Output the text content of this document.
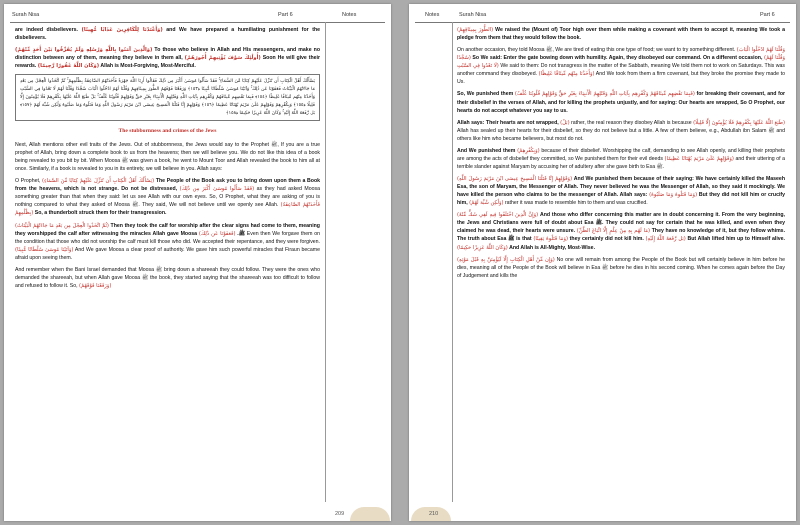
Surah Nisa	Part 6	Notes

are indeed disbelievers. (وَأَعْتَدْنَا لِلْكَافِرِينَ عَذَابًا مُّهِينًا) and We have prepared a humiliating punishment for the disbelievers.

(وَالَّذِينَ آمَنُوا بِاللَّهِ وَرُسُلِهِ وَلَمْ يُفَرِّقُوا بَيْنَ أَحَدٍ مِّنْهُمْ) To those who believe in Allah and His messengers, and make no distinction between any of them, meaning they believe in them all, (أُولَٰئِكَ سَوْفَ يُؤْتِيهِمْ أُجُورَهُمْ) Soon He will give their rewards. (وَكَانَ اللَّهُ غَفُورًا رَّحِيمًا) Allah is Most-Forgiving, Most-Merciful.

يَسْأَلُكَ أَهْلُ الْكِتَابِ أَن تُنَزِّلَ عَلَيْهِمْ كِتَابًا مِّنَ السَّمَاءِ ۚ فَقَدْ سَأَلُوا مُوسَىٰ أَكْبَرَ مِن ذَٰلِكَ فَقَالُوا أَرِنَا اللَّهَ جَهْرَةً فَأَخَذَتْهُمُ الصَّاعِقَةُ بِظُلْمِهِمْ ۚ ثُمَّ اتَّخَذُوا الْعِجْلَ مِن بَعْدِ مَا جَاءَتْهُمُ الْبَيِّنَاتُ فَعَفَوْنَا عَن ذَٰلِكَ ۚ وَآتَيْنَا مُوسَىٰ سُلْطَانًا مُّبِينًا ﴿١٥٣﴾ وَرَفَعْنَا فَوْقَهُمُ الطُّورَ بِمِيثَاقِهِمْ وَقُلْنَا لَهُمُ ادْخُلُوا الْبَابَ سُجَّدًا وَقُلْنَا لَهُمْ لَا تَعْدُوا فِي السَّبْتِ وَأَخَذْنَا مِنْهُم مِّيثَاقًا غَلِيظًا ﴿١٥٤﴾ فَبِمَا نَقْضِهِم مِّيثَاقَهُمْ وَكُفْرِهِم بِآيَاتِ اللَّهِ وَقَتْلِهِمُ الْأَنبِيَاءَ بِغَيْرِ حَقٍّ وَقَوْلِهِمْ قُلُوبُنَا غُلْفٌ ۚ بَلْ طَبَعَ اللَّهُ عَلَيْهَا بِكُفْرِهِمْ فَلَا يُؤْمِنُونَ إِلَّا قَلِيلًا ﴿١٥٥﴾ وَبِكُفْرِهِمْ وَقَوْلِهِمْ عَلَىٰ مَرْيَمَ بُهْتَانًا عَظِيمًا ﴿١٥٦﴾ وَقَوْلِهِمْ إِنَّا قَتَلْنَا الْمَسِيحَ عِيسَى ابْنَ مَرْيَمَ رَسُولَ اللَّهِ وَمَا قَتَلُوهُ وَمَا صَلَبُوهُ وَلَٰكِن شُبِّهَ لَهُمْ ﴿١٥٧﴾ بَل رَّفَعَهُ اللَّهُ إِلَيْهِ ۚ وَكَانَ اللَّهُ عَزِيزًا حَكِيمًا ﴿١٥٨﴾
The stubbornness and crimes of the Jews

Next, Allah mentions other evil traits of the Jews. Out of stubbornness, the Jews would say to the Prophet ﷺ, If you are a true prophet of Allah, bring down a complete book to us from the heavens; then we will believe you. We do not like this idea of a book being revealed to you bit by bit. When Moosa ﷺ was given a book, he went to Mount Toor and Allah revealed the book to him all at once. Similarly, if a book is revealed to you in its entirety, we will believe in you. Allah says:

O Prophet, (يَسْأَلُكَ أَهْلُ الْكِتَابِ أَن تُنَزِّلَ عَلَيْهِمْ كِتَابًا مِّنَ السَّمَاءِ) The People of the Book ask you to bring down upon them a Book from the heavens, which is not strange. Do not be distressed, (فَقَدْ سَأَلُوا مُوسَىٰ أَكْبَرَ مِن ذَٰلِكَ) as they had asked Moosa something greater than that when they said: let us see Allah with our own eyes. So, O Prophet, what they are asking of you is nothing compared to what they asked of Moosa ﷺ. They said, We will not believe until we openly see Allah. (فَأَخَذَتْهُمُ الصَّاعِقَةُ بِظُلْمِهِمْ) So, a thunderbolt struck them for their transgression.

(ثُمَّ اتَّخَذُوا الْعِجْلَ مِن بَعْدِ مَا جَاءَتْهُمُ الْبَيِّنَاتُ) Then they took the calf for worship after the clear signs had come to them, meaning they worshipped the calf after witnessing the miracles Allah gave Moosa ﷺ. (فَعَفَوْنَا عَن ذَٰلِكَ) Even then We forgave them on the condition that those who did not worship the calf must kill those who did. We accepted their repentance, and they were forgiven. (وَآتَيْنَا مُوسَىٰ سُلْطَانًا مُّبِينًا) And We gave Moosa a clear proof of authority. We gave him such powerful miracles that Firaun became afraid upon seeing them.

And remember when the Bani Israel demanded that Moosa ﷺ bring down a shareeah they could follow. They were the ones who demanded the shareeah, but when Allah gave Moosa ﷺ the book, they started saying that the shareeah was too difficult to follow and refused to follow it. So, (وَرَفَعْنَا فَوْقَهُمُ)

209
Notes	Surah Nisa	Part 6

(الطُّورَ بِمِيثَاقِهِمْ) We raised the (Mount of) Toor high over them while making a covenant with them to accept it, meaning We took a pledge from them that they would follow the book.

On another occasion, they told Moosa ﷺ, We are tired of eating this one type of food; we want to try something different. (وَقُلْنَا لَهُمُ ادْخُلُوا الْبَابَ سُجَّدًا) So We said: Enter the gate bowing down with humility. Again, they disobeyed our command. On a different occasion, (وَقُلْنَا لَهُمْ لَا تَعْدُوا فِي السَّبْتِ) We said to them: Do not transgress in the matter of the Sabbath, meaning We told them not to work on Saturdays. This was another command they disobeyed. (وَأَخَذْنَا مِنْهُم مِّيثَاقًا غَلِيظًا) And We took from them a firm covenant, but they broke the promise they made to Us.

So, We punished them (فَبِمَا نَقْضِهِم مِّيثَاقَهُمْ وَكُفْرِهِم بِآيَاتِ اللَّهِ وَقَتْلِهِمُ الْأَنبِيَاءَ بِغَيْرِ حَقٍّ وَقَوْلِهِمْ قُلُوبُنَا غُلْفٌ) for breaking their covenant, and for their disbelief in the verses of Allah, and for killing the prophets unjustly, and for saying: Our hearts are wrapped, So O Prophet, our hearts do not accept whatever you say to us.

Allah says: Their hearts are not wrapped, (بَلْ) rather, the real reason they disobey Allah is because (طَبَعَ اللَّهُ عَلَيْهَا بِكُفْرِهِمْ فَلَا يُؤْمِنُونَ إِلَّا قَلِيلًا) Allah has sealed up their hearts for their disbelief, so they do not believe but a little. A few of them believe, e.g., Abdullah ibn Salam ﷺ and others like him who became believers, but most do not.

And We punished them (وَبِكُفْرِهِمْ) because of their disbelief. Worshipping the calf, demanding to see Allah openly, and killing their prophets are among the acts of disbelief they committed, so We punished them for their evil deeds (وَقَوْلِهِمْ عَلَىٰ مَرْيَمَ بُهْتَانًا عَظِيمًا) and their uttering of a terrible slander against Maryam by accusing her of adultery after she gave birth to Esa ﷺ.

(وَقَوْلِهِمْ إِنَّا قَتَلْنَا الْمَسِيحَ عِيسَى ابْنَ مَرْيَمَ رَسُولَ اللَّهِ) And We punished them because of their saying: We have certainly killed the Maseeh Esa, the son of Maryam, the Messenger of Allah. They never believed he was the Messenger of Allah, so they said it mockingly. We have killed the person who claims to be the messenger of Allah. Allah says: (وَمَا قَتَلُوهُ وَمَا صَلَبُوهُ) But they did not kill him or crucify him, (وَلَٰكِن شُبِّهَ لَهُمْ) rather it was made to resemble him to them and was crucified.

(وَإِنَّ الَّذِينَ اخْتَلَفُوا فِيهِ لَفِي شَكٍّ مِّنْهُ) And those who differ concerning this matter are in doubt concerning it. From the very beginning, the Jews and Christians were full of doubt about Esa ﷺ. They could not say for certain that he was killed, and even when they claimed he was dead, their hearts were unsure. (مَا لَهُم بِهِ مِنْ عِلْمٍ إِلَّا اتِّبَاعَ الظَّنِّ) They have no knowledge of it, but they follow whims. The truth about Esa ﷺ is that (وَمَا قَتَلُوهُ يَقِينًا) they certainly did not kill him. (بَل رَّفَعَهُ اللَّهُ إِلَيْهِ) But Allah lifted him up to Himself alive. (وَكَانَ اللَّهُ عَزِيزًا حَكِيمًا) And Allah is All-Mighty, Most-Wise.

(وَإِن مِّنْ أَهْلِ الْكِتَابِ إِلَّا لَيُؤْمِنَنَّ بِهِ قَبْلَ مَوْتِهِ) No one will remain from among the People of the Book but will certainly believe in him before he dies, meaning all of the People of the Book will believe in Esa ﷺ before he dies in his second coming. When he comes again before the Day of Judgement and kills the

210
